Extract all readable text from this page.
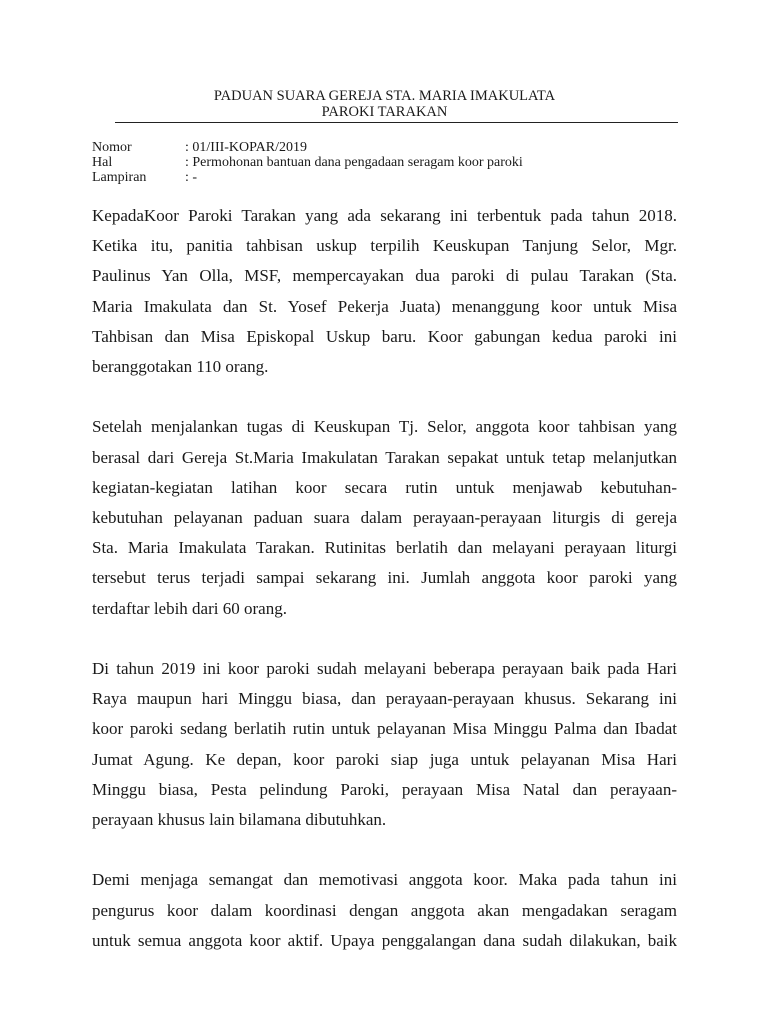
PADUAN SUARA GEREJA STA. MARIA IMAKULATA
PAROKI TARAKAN
Nomor	: 01/III-KOPAR/2019
Hal	: Permohonan bantuan dana pengadaan seragam koor paroki
Lampiran	: -
KepadaKoor Paroki Tarakan yang ada sekarang ini terbentuk pada tahun 2018.
Ketika itu, panitia tahbisan uskup terpilih Keuskupan Tanjung Selor, Mgr.
Paulinus Yan Olla, MSF, mempercayakan dua paroki di pulau Tarakan (Sta.
Maria Imakulata dan St. Yosef Pekerja Juata) menanggung koor untuk Misa
Tahbisan dan Misa Episkopal Uskup baru. Koor gabungan kedua paroki ini
beranggotakan 110 orang.
Setelah menjalankan tugas di Keuskupan Tj. Selor, anggota koor tahbisan yang
berasal dari Gereja St.Maria Imakulatan Tarakan sepakat untuk tetap melanjutkan
kegiatan-kegiatan latihan koor secara rutin untuk menjawab kebutuhan-
kebutuhan pelayanan paduan suara dalam perayaan-perayaan liturgis di gereja
Sta. Maria Imakulata Tarakan. Rutinitas berlatih dan melayani perayaan liturgi
tersebut terus terjadi sampai sekarang ini. Jumlah anggota koor paroki yang
terdaftar lebih dari 60 orang.
Di tahun 2019 ini koor paroki sudah melayani beberapa perayaan baik pada Hari
Raya maupun hari Minggu biasa, dan perayaan-perayaan khusus. Sekarang ini
koor paroki sedang berlatih rutin untuk pelayanan Misa Minggu Palma dan Ibadat
Jumat Agung. Ke depan, koor paroki siap juga untuk pelayanan Misa Hari
Minggu biasa, Pesta pelindung Paroki, perayaan Misa Natal dan perayaan-
perayaan khusus lain bilamana dibutuhkan.
Demi menjaga semangat dan memotivasi anggota koor. Maka pada tahun ini
pengurus koor dalam koordinasi dengan anggota akan mengadakan seragam
untuk semua anggota koor aktif. Upaya penggalangan dana sudah dilakukan, baik
